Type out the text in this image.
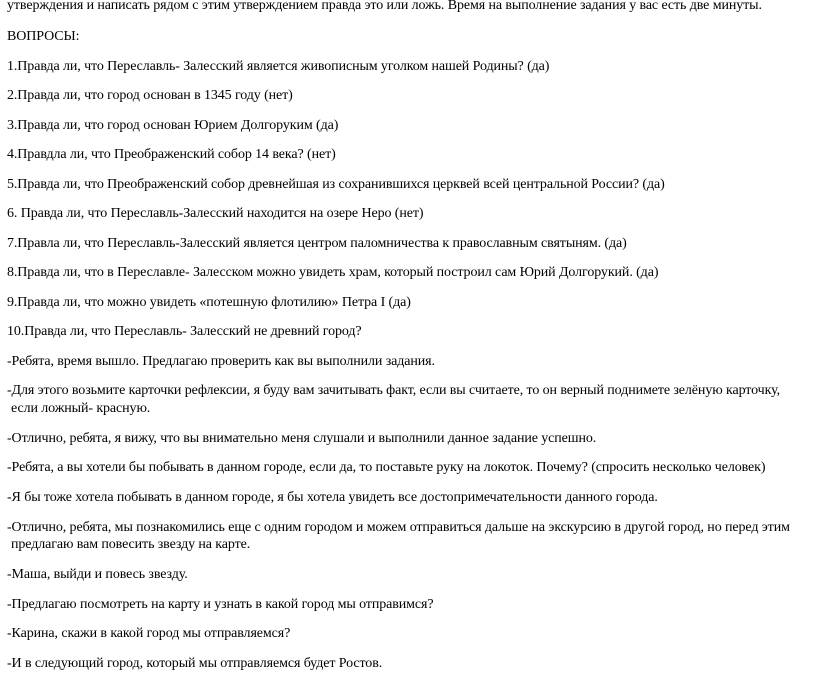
утверждения и написать рядом с этим утверждением правда это или ложь. Время на выполнение задания у вас есть две минуты.
ВОПРОСЫ:
1.Правда ли, что Переславль- Залесский является живописным уголком нашей Родины? (да)
2.Правда ли, что город основан в 1345 году (нет)
3.Правда ли, что город основан Юрием Долгоруким (да)
4.Правдла ли, что Преображенский собор 14 века? (нет)
5.Правда ли, что Преображенский собор древнейшая из сохранившихся церквей всей центральной России? (да)
6. Правда ли, что Переславль-Залесский находится на озере Неро (нет)
7.Правла ли, что Переславль-Залесский является центром паломничества к православным святыням. (да)
8.Правда ли, что в Переславле- Залесском можно увидеть храм, который построил сам Юрий Долгорукий. (да)
9.Правда ли, что можно увидеть «потешную флотилию» Петра I (да)
10.Правда ли, что Переславль- Залесский не древний город?
-Ребята, время вышло. Предлагаю проверить как вы выполнили задания.
-Для этого возьмите карточки рефлексии, я буду вам зачитывать факт, если вы считаете, то он верный поднимете зелёную карточку,
если ложный- красную.
-Отлично, ребята, я вижу, что вы внимательно меня слушали и выполнили данное задание успешно.
-Ребята, а вы хотели бы побывать в данном городе, если да, то поставьте руку на локоток. Почему? (спросить несколько человек)
-Я бы тоже хотела побывать в данном городе, я бы хотела увидеть все достопримечательности данного города.
-Отлично, ребята, мы познакомились еще с одним городом и можем отправиться дальше на экскурсию в другой город, но перед этим
предлагаю вам повесить звезду на карте.
-Маша, выйди и повесь звезду.
-Предлагаю посмотреть на карту и узнать в какой город мы отправимся?
-Карина, скажи в какой город мы отправляемся?
-И в следующий город, который мы отправляемся будет Ростов.
